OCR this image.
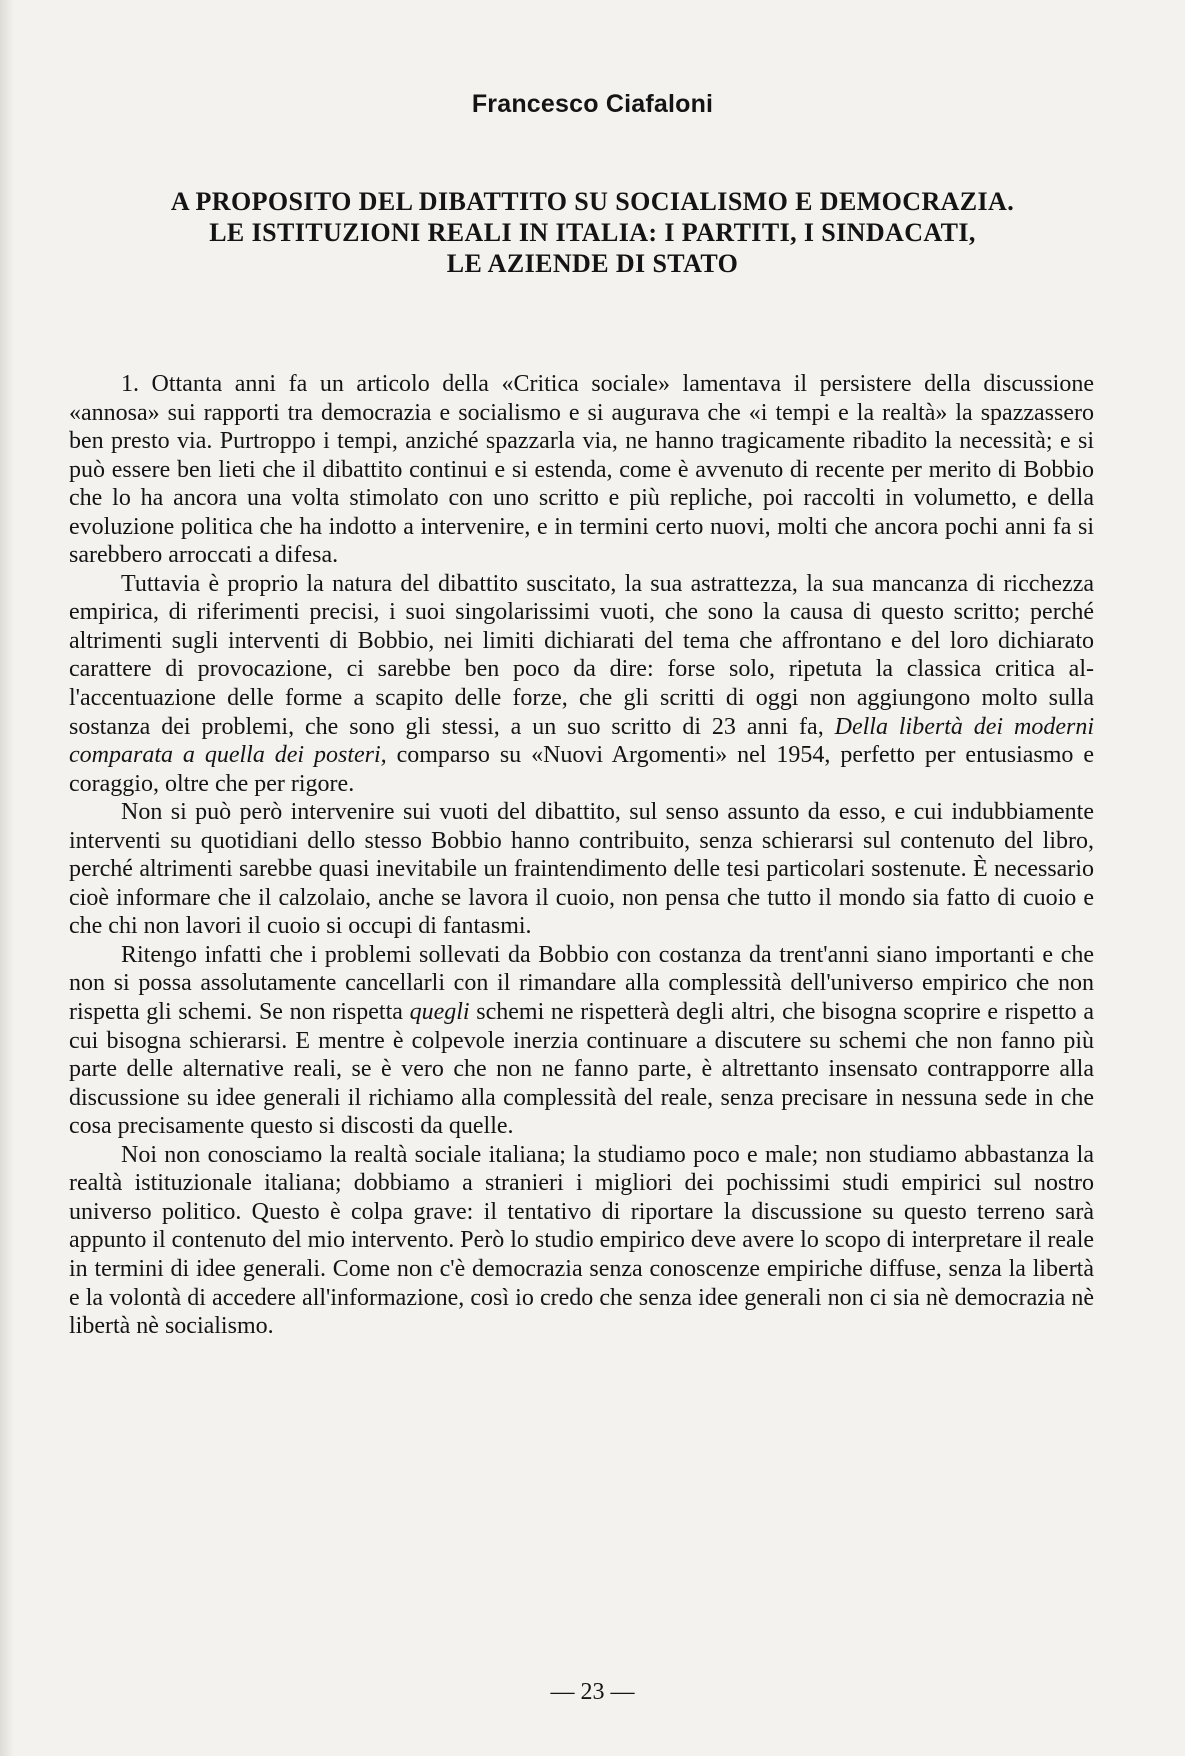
Francesco Ciafaloni
A PROPOSITO DEL DIBATTITO SU SOCIALISMO E DEMOCRAZIA.
LE ISTITUZIONI REALI IN ITALIA: I PARTITI, I SINDACATI,
LE AZIENDE DI STATO

1. Ottanta anni fa un articolo della «Critica sociale» lamentava il persistere della discussione «annosa» sui rapporti tra democrazia e socialismo e si augurava che «i tempi e la realtà» la spazzassero ben presto via. Purtroppo i tempi, anziché spazzarla via, ne hanno tragicamente ribadito la necessità; e si può essere ben lieti che il dibattito continui e si estenda, come è avvenuto di recente per merito di Bobbio che lo ha ancora una volta stimolato con uno scritto e più repliche, poi raccolti in volumetto, e della evoluzione politica che ha indotto a intervenire, e in termini certo nuovi, molti che ancora pochi anni fa si sarebbero arroccati a difesa.

Tuttavia è proprio la natura del dibattito suscitato, la sua astrattezza, la sua mancanza di ricchezza empirica, di riferimenti precisi, i suoi singolarissimi vuoti, che sono la causa di questo scritto; perché altrimenti sugli interventi di Bobbio, nei limiti dichiarati del tema che affrontano e del loro dichiarato carattere di provocazione, ci sarebbe ben poco da dire: forse solo, ripetuta la classica critica all'accentuazione delle forme a scapito delle forze, che gli scritti di oggi non aggiungono molto sulla sostanza dei problemi, che sono gli stessi, a un suo scritto di 23 anni fa, Della libertà dei moderni comparata a quella dei posteri, comparso su «Nuovi Argomenti» nel 1954, perfetto per entusiasmo e coraggio, oltre che per rigore.

Non si può però intervenire sui vuoti del dibattito, sul senso assunto da esso, e cui indubbiamente interventi su quotidiani dello stesso Bobbio hanno contribuito, senza schierarsi sul contenuto del libro, perché altrimenti sarebbe quasi inevitabile un fraintendimento delle tesi particolari sostenute. È necessario cioè informare che il calzolaio, anche se lavora il cuoio, non pensa che tutto il mondo sia fatto di cuoio e che chi non lavori il cuoio si occupi di fantasmi.

Ritengo infatti che i problemi sollevati da Bobbio con costanza da trent'anni siano importanti e che non si possa assolutamente cancellarli con il rimandare alla complessità dell'universo empirico che non rispetta gli schemi. Se non rispetta quegli schemi ne rispetterà degli altri, che bisogna scoprire e rispetto a cui bisogna schierarsi. E mentre è colpevole inerzia continuare a discutere su schemi che non fanno più parte delle alternative reali, se è vero che non ne fanno parte, è altrettanto insensato contrapporre alla discussione su idee generali il richiamo alla complessità del reale, senza precisare in nessuna sede in che cosa precisamente questo si discosti da quelle.

Noi non conosciamo la realtà sociale italiana; la studiamo poco e male; non studiamo abbastanza la realtà istituzionale italiana; dobbiamo a stranieri i migliori dei pochissimi studi empirici sul nostro universo politico. Questo è colpa grave: il tentativo di riportare la discussione su questo terreno sarà appunto il contenuto del mio intervento. Però lo studio empirico deve avere lo scopo di interpretare il reale in termini di idee generali. Come non c'è democrazia senza conoscenze empiriche diffuse, senza la libertà e la volontà di accedere all'informazione, così io credo che senza idee generali non ci sia nè democrazia nè libertà nè socialismo.

— 23 —
